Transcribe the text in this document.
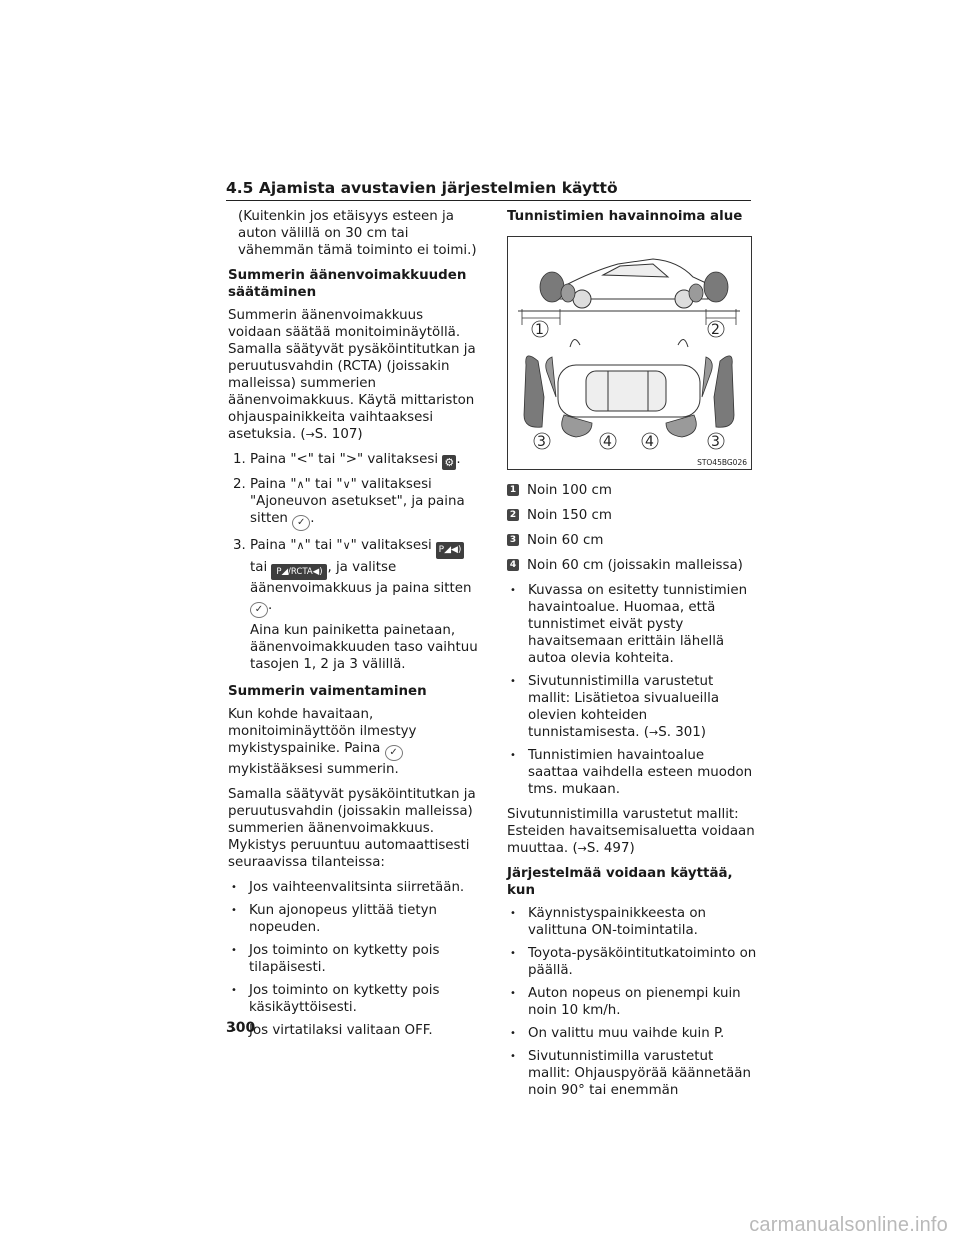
4.5 Ajamista avustavien järjestelmien käyttö

(Kuitenkin jos etäisyys esteen ja auton välillä on 30 cm tai vähemmän tämä toiminto ei toimi.)

Summerin äänenvoimakkuuden säätäminen

Summerin äänenvoimakkuus voidaan säätää monitoiminäytöllä. Samalla säätyvät pysäköintitutkan ja peruutusvahdin (RCTA) (joissakin malleissa) summerien äänenvoimakkuus. Käytä mittariston ohjauspainikkeita vaihtaaksesi asetuksia. (→S. 107)

1. Paina "<" tai ">" valitaksesi ⚙ .
2. Paina "∧" tai "∨" valitaksesi "Ajoneuvon asetukset", ja paina sitten ✓ .
3. Paina "∧" tai "∨" valitaksesi P◢◀) tai P◢/RCTA◀) , ja valitse äänenvoimakkuus ja paina sitten ✓ .
Aina kun painiketta painetaan, äänenvoimakkuuden taso vaihtuu tasojen 1, 2 ja 3 välillä.

Summerin vaimentaminen

Kun kohde havaitaan, monitoiminäyttöön ilmestyy mykistyspainike. Paina ✓ mykistääksesi summerin.

Samalla säätyvät pysäköintitutkan ja peruutusvahdin (joissakin malleissa) summerien äänenvoimakkuus. Mykistys peruuntuu automaattisesti seuraavissa tilanteissa:

• Jos vaihteenvalitsinta siirretään.
• Kun ajonopeus ylittää tietyn nopeuden.
• Jos toiminto on kytketty pois tilapäisesti.
• Jos toiminto on kytketty pois käsikäyttöisesti.
• Jos virtatilaksi valitaan OFF.

Tunnistimien havainnoima alue

1	2
3	4 4	3
STO45BG026
1 Noin 100 cm
2 Noin 150 cm
3 Noin 60 cm
4 Noin 60 cm (joissakin malleissa)
• Kuvassa on esitetty tunnistimien havaintoalue. Huomaa, että tunnistimet eivät pysty havaitsemaan erittäin lähellä autoa olevia kohteita.
• Sivutunnistimilla varustetut mallit: Lisätietoa sivualueilla olevien kohteiden tunnistamisesta. (→S. 301)
• Tunnistimien havaintoalue saattaa vaihdella esteen muodon tms. mukaan.

Sivutunnistimilla varustetut mallit: Esteiden havaitsemisaluetta voidaan muuttaa. (→S. 497)

Järjestelmää voidaan käyttää, kun

• Käynnistyspainikkeesta on valittuna ON-toimintatila.
• Toyota-pysäköintitutkatoiminto on päällä.
• Auton nopeus on pienempi kuin noin 10 km/h.
• On valittu muu vaihde kuin P.
• Sivutunnistimilla varustetut mallit: Ohjauspyörää käännetään noin 90° tai enemmän
300
carmanualsonline.info
